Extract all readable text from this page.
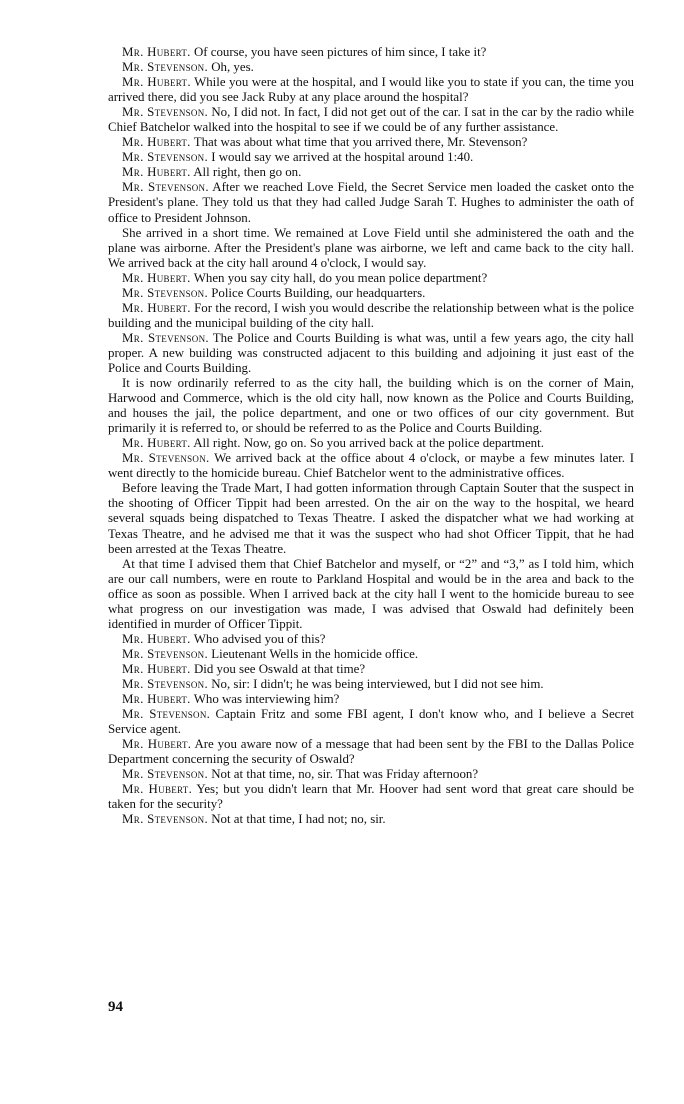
Mr. Hubert. Of course, you have seen pictures of him since, I take it?

Mr. Stevenson. Oh, yes.

Mr. Hubert. While you were at the hospital, and I would like you to state if you can, the time you arrived there, did you see Jack Ruby at any place around the hospital?

Mr. Stevenson. No, I did not. In fact, I did not get out of the car. I sat in the car by the radio while Chief Batchelor walked into the hospital to see if we could be of any further assistance.

Mr. Hubert. That was about what time that you arrived there, Mr. Stevenson?

Mr. Stevenson. I would say we arrived at the hospital around 1:40.

Mr. Hubert. All right, then go on.

Mr. Stevenson. After we reached Love Field, the Secret Service men loaded the casket onto the President's plane. They told us that they had called Judge Sarah T. Hughes to administer the oath of office to President Johnson.

She arrived in a short time. We remained at Love Field until she administered the oath and the plane was airborne. After the President's plane was airborne, we left and came back to the city hall. We arrived back at the city hall around 4 o'clock, I would say.

Mr. Hubert. When you say city hall, do you mean police department?

Mr. Stevenson. Police Courts Building, our headquarters.

Mr. Hubert. For the record, I wish you would describe the relationship between what is the police building and the municipal building of the city hall.

Mr. Stevenson. The Police and Courts Building is what was, until a few years ago, the city hall proper. A new building was constructed adjacent to this building and adjoining it just east of the Police and Courts Building.

It is now ordinarily referred to as the city hall, the building which is on the corner of Main, Harwood and Commerce, which is the old city hall, now known as the Police and Courts Building, and houses the jail, the police department, and one or two offices of our city government. But primarily it is referred to, or should be referred to as the Police and Courts Building.

Mr. Hubert. All right. Now, go on. So you arrived back at the police department.

Mr. Stevenson. We arrived back at the office about 4 o'clock, or maybe a few minutes later. I went directly to the homicide bureau. Chief Batchelor went to the administrative offices.

Before leaving the Trade Mart, I had gotten information through Captain Souter that the suspect in the shooting of Officer Tippit had been arrested. On the air on the way to the hospital, we heard several squads being dispatched to Texas Theatre. I asked the dispatcher what we had working at Texas Theatre, and he advised me that it was the suspect who had shot Officer Tippit, that he had been arrested at the Texas Theatre.

At that time I advised them that Chief Batchelor and myself, or “2” and “3,” as I told him, which are our call numbers, were en route to Parkland Hospital and would be in the area and back to the office as soon as possible. When I arrived back at the city hall I went to the homicide bureau to see what progress on our investigation was made, I was advised that Oswald had definitely been identified in murder of Officer Tippit.

Mr. Hubert. Who advised you of this?

Mr. Stevenson. Lieutenant Wells in the homicide office.

Mr. Hubert. Did you see Oswald at that time?

Mr. Stevenson. No, sir: I didn't; he was being interviewed, but I did not see him.

Mr. Hubert. Who was interviewing him?

Mr. Stevenson. Captain Fritz and some FBI agent, I don't know who, and I believe a Secret Service agent.

Mr. Hubert. Are you aware now of a message that had been sent by the FBI to the Dallas Police Department concerning the security of Oswald?

Mr. Stevenson. Not at that time, no, sir. That was Friday afternoon?

Mr. Hubert. Yes; but you didn't learn that Mr. Hoover had sent word that great care should be taken for the security?

Mr. Stevenson. Not at that time, I had not; no, sir.

94
